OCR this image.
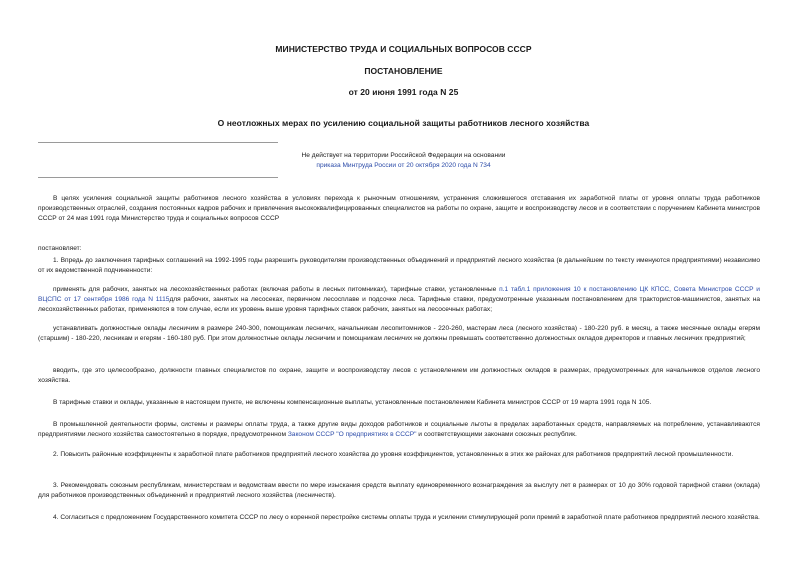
МИНИСТЕРСТВО ТРУДА И СОЦИАЛЬНЫХ ВОПРОСОВ СССР
ПОСТАНОВЛЕНИЕ
от 20 июня 1991 года N 25
О неотложных мерах по усилению социальной защиты работников лесного хозяйства
Не действует на территории Российской Федерации на основании
приказа Минтруда России от 20 октября 2020 года N 734
В целях усиления социальной защиты работников лесного хозяйства в условиях перехода к рыночным отношениям, устранения сложившегося отставания их заработной платы от уровня оплаты труда работников производственных отраслей, создания постоянных кадров рабочих и привлечения высококвалифицированных специалистов на работы по охране, защите и воспроизводству лесов и в соответствии с поручением Кабинета министров СССР от 24 мая 1991 года Министерство труда и социальных вопросов СССР
постановляет:
1. Впредь до заключения тарифных соглашений на 1992-1995 годы разрешить руководителям производственных объединений и предприятий лесного хозяйства (в дальнейшем по тексту именуются предприятиями) независимо от их ведомственной подчиненности:
применять для рабочих, занятых на лесохозяйственных работах (включая работы в лесных питомниках), тарифные ставки, установленные п.1 табл.1 приложения 10 к постановлению ЦК КПСС, Совета Министров СССР и ВЦСПС от 17 сентября 1986 года N 1115для рабочих, занятых на лесосеках, первичном лесосплаве и подсочке леса. Тарифные ставки, предусмотренные указанным постановлением для трактористов-машинистов, занятых на лесохозяйственных работах, применяются в том случае, если их уровень выше уровня тарифных ставок рабочих, занятых на лесосечных работах;
устанавливать должностные оклады лесничим в размере 240-300, помощникам лесничих, начальникам лесопитомников - 220-260, мастерам леса (лесного хозяйства) - 180-220 руб. в месяц, а также месячные оклады егерям (старшим) - 180-220, лесникам и егерям - 160-180 руб. При этом должностные оклады лесничим и помощникам лесничих не должны превышать соответственно должностных окладов директоров и главных лесничих предприятий;
вводить, где это целесообразно, должности главных специалистов по охране, защите и воспроизводству лесов с установлением им должностных окладов в размерах, предусмотренных для начальников отделов лесного хозяйства.
В тарифные ставки и оклады, указанные в настоящем пункте, не включены компенсационные выплаты, установленные постановлением Кабинета министров СССР от 19 марта 1991 года N 105.
В промышленной деятельности формы, системы и размеры оплаты труда, а также другие виды доходов работников и социальные льготы в пределах заработанных средств, направляемых на потребление, устанавливаются предприятиями лесного хозяйства самостоятельно в порядке, предусмотренном Законом СССР "О предприятиях в СССР" и соответствующими законами союзных республик.
2. Повысить районные коэффициенты к заработной плате работников предприятий лесного хозяйства до уровня коэффициентов, установленных в этих же районах для работников предприятий лесной промышленности.
3. Рекомендовать союзным республикам, министерствам и ведомствам ввести по мере изыскания средств выплату единовременного вознаграждения за выслугу лет в размерах от 10 до 30% годовой тарифной ставки (оклада) для работников производственных объединений и предприятий лесного хозяйства (лесничеств).
4. Согласиться с предложением Государственного комитета СССР по лесу о коренной перестройке системы оплаты труда и усилении стимулирующей роли премий в заработной плате работников предприятий лесного хозяйства.
